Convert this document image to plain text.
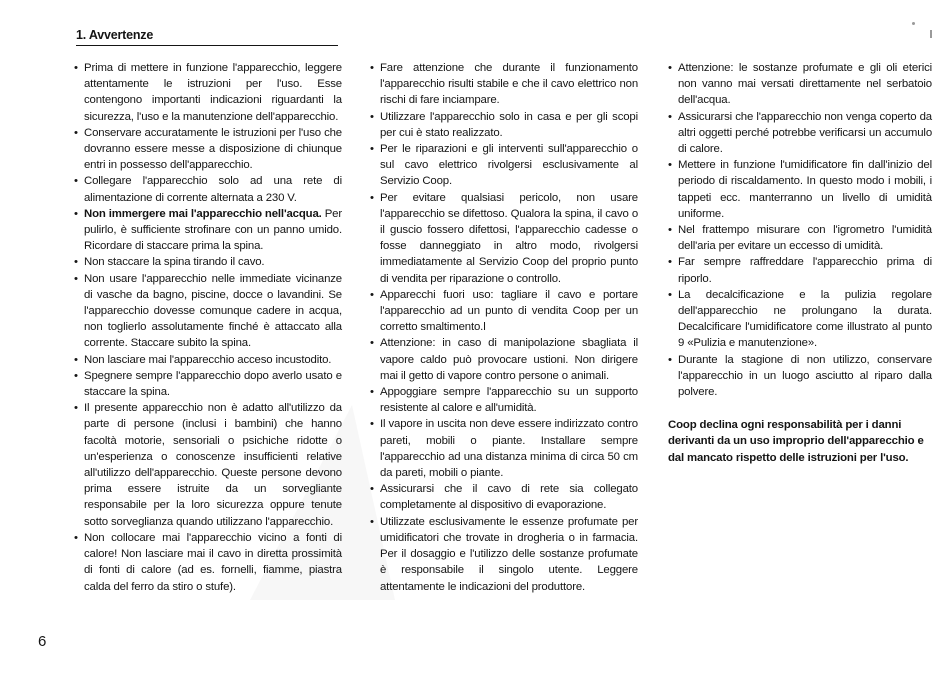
1. Avvertenze
• Prima di mettere in funzione l'apparecchio, leggere attentamente le istruzioni per l'uso. Esse contengono importanti indicazioni riguardanti la sicurezza, l'uso e la manutenzione dell'apparecchio.
• Conservare accuratamente le istruzioni per l'uso che dovranno essere messe a disposizione di chiunque entri in possesso dell'apparecchio.
• Collegare l'apparecchio solo ad una rete di alimentazione di corrente alternata a 230 V.
• Non immergere mai l'apparecchio nell'acqua. Per pulirlo, è sufficiente strofinare con un panno umido. Ricordare di staccare prima la spina.
• Non staccare la spina tirando il cavo.
• Non usare l'apparecchio nelle immediate vicinanze di vasche da bagno, piscine, docce o lavandini. Se l'apparecchio dovesse comunque cadere in acqua, non toglierlo assolutamente finché è attaccato alla corrente. Staccare subito la spina.
• Non lasciare mai l'apparecchio acceso incustodito.
• Spegnere sempre l'apparecchio dopo averlo usato e staccare la spina.
• Il presente apparecchio non è adatto all'utilizzo da parte di persone (inclusi i bambini) che hanno facoltà motorie, sensoriali o psichiche ridotte o un'esperienza o conoscenze insufficienti relative all'utilizzo dell'apparecchio. Queste persone devono prima essere istruite da un sorvegliante responsabile per la loro sicurezza oppure tenute sotto sorveglianza quando utilizzano l'apparecchio.
• Non collocare mai l'apparecchio vicino a fonti di calore! Non lasciare mai il cavo in diretta prossimità di fonti di calore (ad es. fornelli, fiamme, piastra calda del ferro da stiro o stufe).
• Fare attenzione che durante il funzionamento l'apparecchio risulti stabile e che il cavo elettrico non rischi di fare inciampare.
• Utilizzare l'apparecchio solo in casa e per gli scopi per cui è stato realizzato.
• Per le riparazioni e gli interventi sull'apparecchio o sul cavo elettrico rivolgersi esclusivamente al Servizio Coop.
• Per evitare qualsiasi pericolo, non usare l'apparecchio se difettoso. Qualora la spina, il cavo o il guscio fossero difettosi, l'apparecchio cadesse o fosse danneggiato in altro modo, rivolgersi immediatamente al Servizio Coop del proprio punto di vendita per riparazione o controllo.
• Apparecchi fuori uso: tagliare il cavo e portare l'apparecchio ad un punto di vendita Coop per un corretto smaltimento.l
• Attenzione: in caso di manipolazione sbagliata il vapore caldo può provocare ustioni. Non dirigere mai il getto di vapore contro persone o animali.
• Appoggiare sempre l'apparecchio su un supporto resistente al calore e all'umidità.
• Il vapore in uscita non deve essere indirizzato contro pareti, mobili o piante. Installare sempre l'apparecchio ad una distanza minima di circa 50 cm da pareti, mobili o piante.
• Assicurarsi che il cavo di rete sia collegato completamente al dispositivo di evaporazione.
• Utilizzate esclusivamente le essenze profumate per umidificatori che trovate in drogheria o in farmacia. Per il dosaggio e l'utilizzo delle sostanze profumate è responsabile il singolo utente. Leggere attentamente le indicazioni del produttore.
• Attenzione: le sostanze profumate e gli oli eterici non vanno mai versati direttamente nel serbatoio dell'acqua.
• Assicurarsi che l'apparecchio non venga coperto da altri oggetti perché potrebbe verificarsi un accumulo di calore.
• Mettere in funzione l'umidificatore fin dall'inizio del periodo di riscaldamento. In questo modo i mobili, i tappeti ecc. manterranno un livello di umidità uniforme.
• Nel frattempo misurare con l'igrometro l'umidità dell'aria per evitare un eccesso di umidità.
• Far sempre raffreddare l'apparecchio prima di riporlo.
• La decalcificazione e la pulizia regolare dell'apparecchio ne prolungano la durata. Decalcificare l'umidificatore come illustrato al punto 9 «Pulizia e manutenzione».
• Durante la stagione di non utilizzo, conservare l'apparecchio in un luogo asciutto al riparo dalla polvere.
Coop declina ogni responsabilità per i danni derivanti da un uso improprio dell'apparecchio e dal mancato rispetto delle istruzioni per l'uso.
6
